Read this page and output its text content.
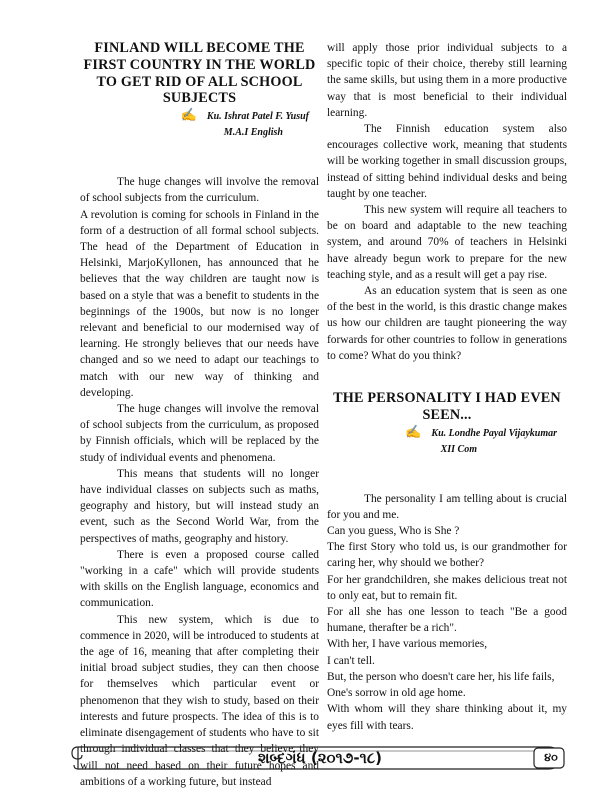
FINLAND WILL BECOME THE FIRST COUNTRY IN THE WORLD TO GET RID OF ALL SCHOOL SUBJECTS
✍ Ku. Ishrat Patel F. Yusuf
M.A.I English

The huge changes will involve the removal of school subjects from the curriculum.

A revolution is coming for schools in Finland in the form of a destruction of all formal school subjects. The head of the Department of Education in Helsinki, MarjoKyllonen, has announced that he believes that the way children are taught now is based on a style that was a benefit to students in the beginnings of the 1900s, but now is no longer relevant and beneficial to our modernised way of learning. He strongly believes that our needs have changed and so we need to adapt our teachings to match with our new way of thinking and developing.

The huge changes will involve the removal of school subjects from the curriculum, as proposed by Finnish officials, which will be replaced by the study of individual events and phenomena.

This means that students will no longer have individual classes on subjects such as maths, geography and history, but will instead study an event, such as the Second World War, from the perspectives of maths, geography and history.

There is even a proposed course called "working in a cafe" which will provide students with skills on the English language, economics and communication.

This new system, which is due to commence in 2020, will be introduced to students at the age of 16, meaning that after completing their initial broad subject studies, they can then choose for themselves which particular event or phenomenon that they wish to study, based on their interests and future prospects. The idea of this is to eliminate disengagement of students who have to sit through individual classes that they believe they will not need based on their future hopes and ambitions of a working future, but instead

will apply those prior individual subjects to a specific topic of their choice, thereby still learning the same skills, but using them in a more productive way that is most beneficial to their individual learning.

The Finnish education system also encourages collective work, meaning that students will be working together in small discussion groups, instead of sitting behind individual desks and being taught by one teacher.

This new system will require all teachers to be on board and adaptable to the new teaching system, and around 70% of teachers in Helsinki have already begun work to prepare for the new teaching style, and as a result will get a pay rise.

As an education system that is seen as one of the best in the world, is this drastic change makes us how our children are taught pioneering the way forwards for other countries to follow in generations to come? What do you think?

THE PERSONALITY I HAD EVEN SEEN...
✍ Ku. Londhe Payal Vijaykumar
XII Com

The personality I am telling about is crucial for you and me.

Can you guess, Who is She ?

The first Story who told us, is our grandmother for caring her, why should we bother?

For her grandchildren, she makes delicious treat not to only eat, but to remain fit.

For all she has one lesson to teach "Be a good humane, therafter be a rich".

With her, I have various memories,

I can't tell.

But, the person who doesn't care her, his life fails,

One's sorrow in old age home.

With whom will they share thinking about it, my eyes fill with tears.

શબ્દગંધ (૨૦૧૭-૧૮)	૪૦
